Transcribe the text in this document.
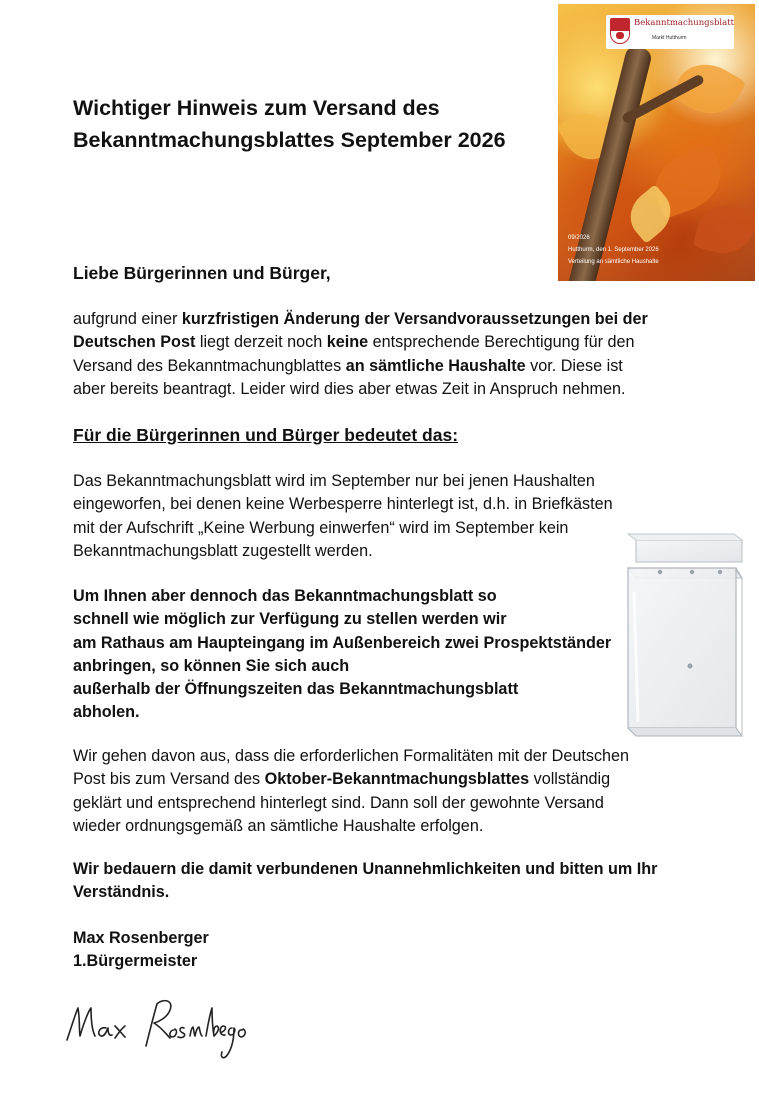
Wichtiger Hinweis zum Versand des
Bekanntmachungsblattes September 2026
Bekanntmachungsblatt
Markt Hutthurm
09/2026
Hutthurm, den 1. September 2026
Verteilung an sämtliche Haushalte
Liebe Bürgerinnen und Bürger,
aufgrund einer kurzfristigen Änderung der Versandvoraussetzungen bei der
Deutschen Post liegt derzeit noch keine entsprechende Berechtigung für den
Versand des Bekanntmachungblattes an sämtliche Haushalte vor. Diese ist
aber bereits beantragt. Leider wird dies aber etwas Zeit in Anspruch nehmen.
Für die Bürgerinnen und Bürger bedeutet das:
Das Bekanntmachungsblatt wird im September nur bei jenen Haushalten
eingeworfen, bei denen keine Werbesperre hinterlegt ist, d.h. in Briefkästen
mit der Aufschrift „Keine Werbung einwerfen“ wird im September kein
Bekanntmachungsblatt zugestellt werden.
Um Ihnen aber dennoch das Bekanntmachungsblatt so
schnell wie möglich zur Verfügung zu stellen werden wir
am Rathaus am Haupteingang im Außenbereich zwei Prospektständer
anbringen, so können Sie sich auch
außerhalb der Öffnungszeiten das Bekanntmachungsblatt
abholen.
Wir gehen davon aus, dass die erforderlichen Formalitäten mit der Deutschen
Post bis zum Versand des Oktober-Bekanntmachungsblattes vollständig
geklärt und entsprechend hinterlegt sind. Dann soll der gewohnte Versand
wieder ordnungsgemäß an sämtliche Haushalte erfolgen.
Wir bedauern die damit verbundenen Unannehmlichkeiten und bitten um Ihr
Verständnis.
Max Rosenberger
1.Bürgermeister
